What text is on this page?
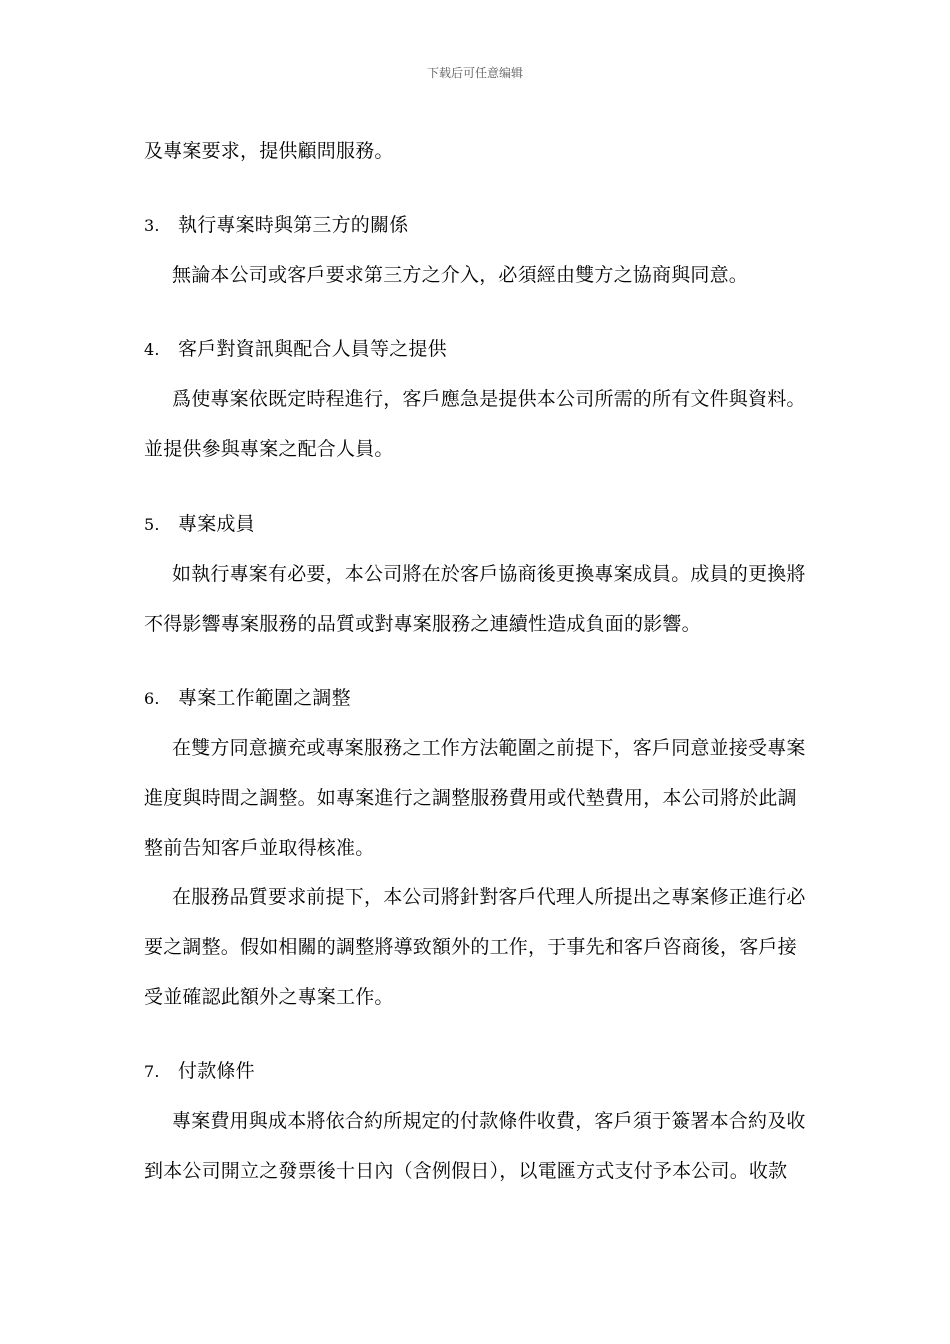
下载后可任意编辑
及專案要求，提供顧問服務。
3. 執行專案時與第三方的關係
無論本公司或客戶要求第三方之介入，必須經由雙方之協商與同意。
4. 客戶對資訊與配合人員等之提供
爲使專案依既定時程進行，客戶應急是提供本公司所需的所有文件與資料。
並提供參與專案之配合人員。
5. 專案成員
如執行專案有必要，本公司將在於客戶協商後更換專案成員。成員的更換將
不得影響專案服務的品質或對專案服務之連續性造成負面的影響。
6. 專案工作範圍之調整
在雙方同意擴充或專案服務之工作方法範圍之前提下，客戶同意並接受專案
進度與時間之調整。如專案進行之調整服務費用或代墊費用，本公司將於此調
整前告知客戶並取得核准。
在服務品質要求前提下，本公司將針對客戶代理人所提出之專案修正進行必
要之調整。假如相關的調整將導致額外的工作，于事先和客戶咨商後，客戶接
受並確認此額外之專案工作。
7. 付款條件
專案費用與成本將依合約所規定的付款條件收費，客戶須于簽署本合約及收
到本公司開立之發票後十日內（含例假日），以電匯方式支付予本公司。收款
